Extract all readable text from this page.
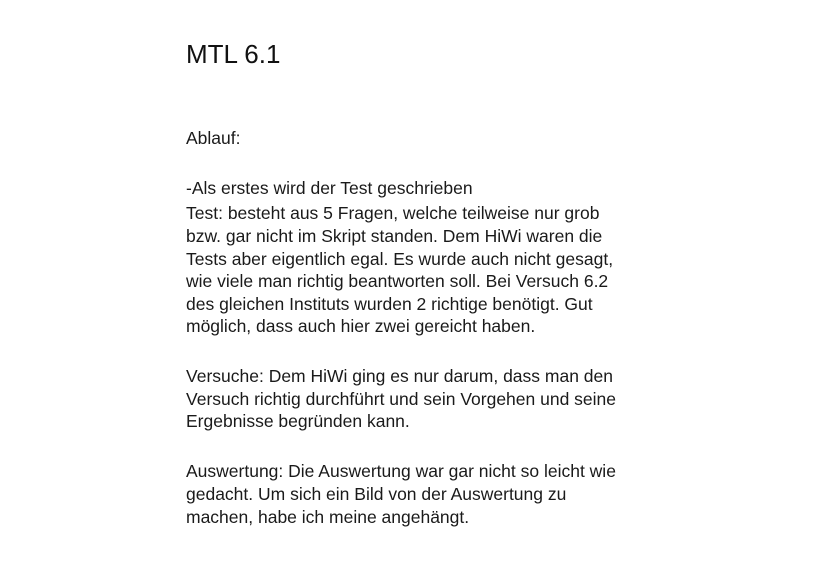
MTL 6.1
Ablauf:
-Als erstes wird der Test geschrieben
Test: besteht aus 5 Fragen, welche teilweise nur grob
bzw. gar nicht im Skript standen. Dem HiWi waren die
Tests aber eigentlich egal. Es wurde auch nicht gesagt,
wie viele man richtig beantworten soll. Bei Versuch 6.2
des gleichen Instituts wurden 2 richtige benötigt. Gut
möglich, dass auch hier zwei gereicht haben.
Versuche: Dem HiWi ging es nur darum, dass man den
Versuch richtig durchführt und sein Vorgehen und seine
Ergebnisse begründen kann.
Auswertung: Die Auswertung war gar nicht so leicht wie
gedacht. Um sich ein Bild von der Auswertung zu
machen, habe ich meine angehängt.
